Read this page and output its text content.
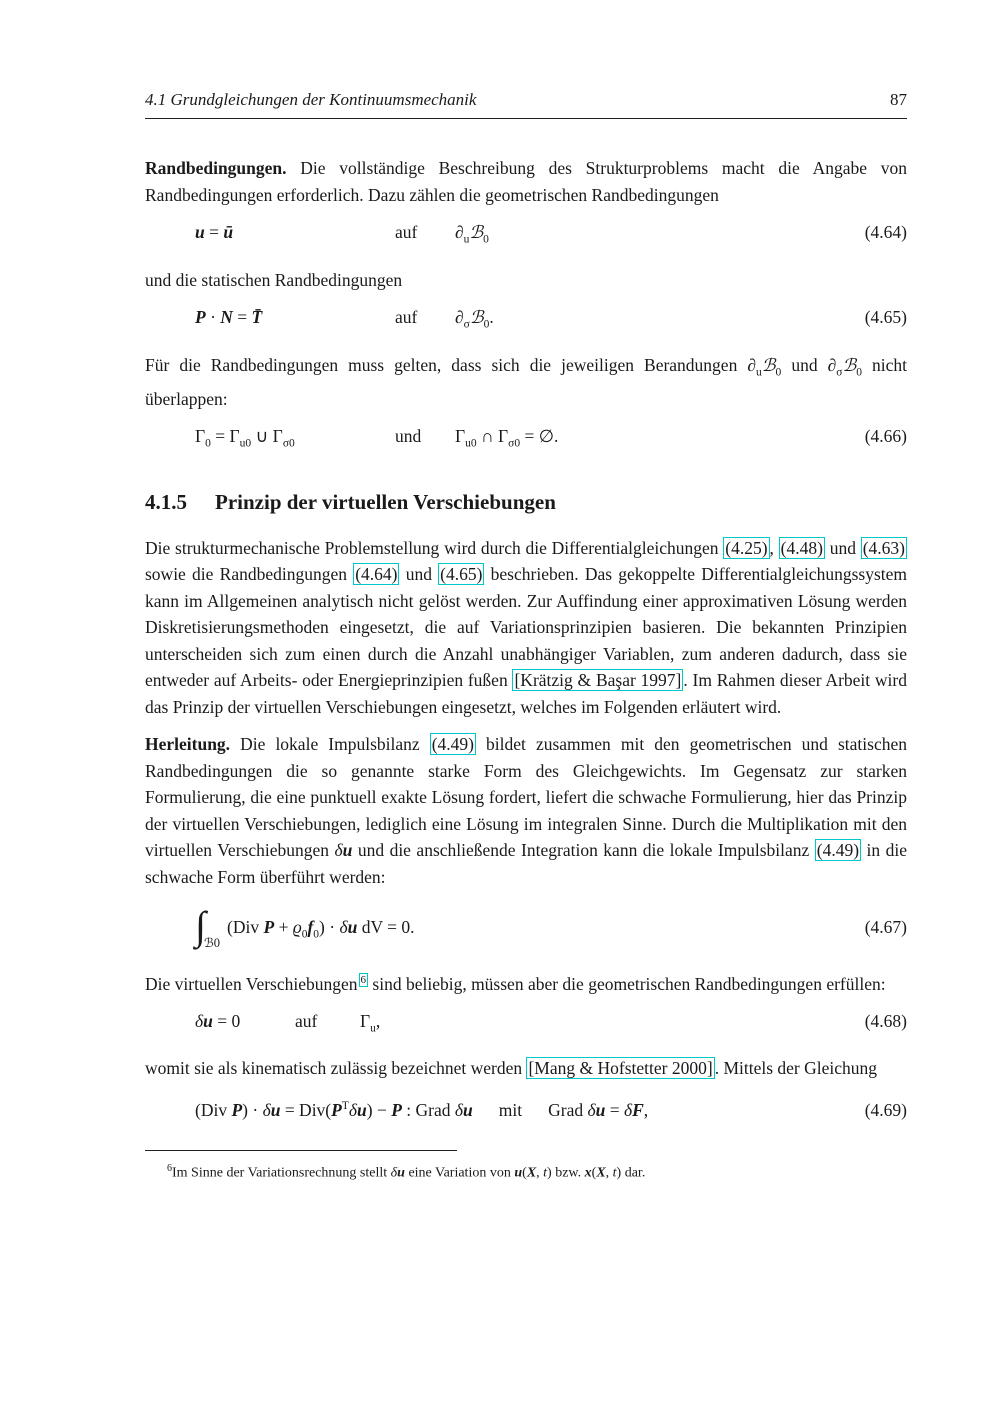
4.1 Grundgleichungen der Kontinuumsmechanik	87

Randbedingungen. Die vollständige Beschreibung des Strukturproblems macht die Angabe von Randbedingungen erforderlich. Dazu zählen die geometrischen Randbedingungen

u = ū	auf	$\partial_uℬ_0$	(4.64)

und die statischen Randbedingungen

P · N = T̄	auf	$\partial_\sigma ℬ_0$.	(4.65)

Für die Randbedingungen muss gelten, dass sich die jeweiligen Berandungen $\partial_uℬ_0$ und $\partial_\sigma ℬ_0$ nicht überlappen:

$\Gamma_0 = \Gamma_{u0}$ ∪ $\Gamma_{\sigma 0}$	und	$\Gamma_{u0}$ ∩ $\Gamma_{\sigma 0}$ = ∅.	(4.66)
4.1.5 Prinzip der virtuellen Verschiebungen

Die strukturmechanische Problemstellung wird durch die Differentialgleichungen (4.25) , (4.48) und (4.63) sowie die Randbedingungen (4.64) und (4.65) beschrieben. Das gekoppelte Differentialgleichungssystem kann im Allgemeinen analytisch nicht gelöst werden. Zur Auffindung einer approximativen Lösung werden Diskretisierungsmethoden eingesetzt, die auf Variationsprinzipien basieren. Die bekannten Prinzipien unterscheiden sich zum einen durch die Anzahl unabhängiger Variablen, zum anderen dadurch, dass sie entweder auf Arbeits- oder Energieprinzipien fußen [Krätzig & Başar 1997] . Im Rahmen dieser Arbeit wird das Prinzip der virtuellen Verschiebungen eingesetzt, welches im Folgenden erläutert wird.

Herleitung. Die lokale Impulsbilanz (4.49) bildet zusammen mit den geometrischen und statischen Randbedingungen die so genannte starke Form des Gleichgewichts. Im Gegensatz zur starken Formulierung, die eine punktuell exakte Lösung fordert, liefert die schwache Formulierung, hier das Prinzip der virtuellen Verschiebungen, lediglich eine Lösung im integralen Sinne. Durch die Multiplikation mit den virtuellen Verschiebungen δu und die anschließende Integration kann die lokale Impulsbilanz (4.49) in die schwache Form überführt werden:

$\int_{ℬ0}(Div$ $P + ϱ_0f_0) \cdot \delta u$ dV = 0.	(4.67)

Die virtuellen Verschiebungen $^6$ sind beliebig, müssen aber die geometrischen Randbedingungen erfüllen:

δu = 0	auf	$\Gamma_u$,	(4.68)

womit sie als kinematisch zulässig bezeichnet werden [Mang & Hofstetter 2000] . Mittels der Gleichung

(Div $P) \cdot \delta u = Div(P^T\delta u) - P$ : Grad δu mit Grad δu = δF,	(4.69)

$^6$Im Sinne der Variationsrechnung stellt δu eine Variation von u(X, t) bzw. x(X, t) dar.
